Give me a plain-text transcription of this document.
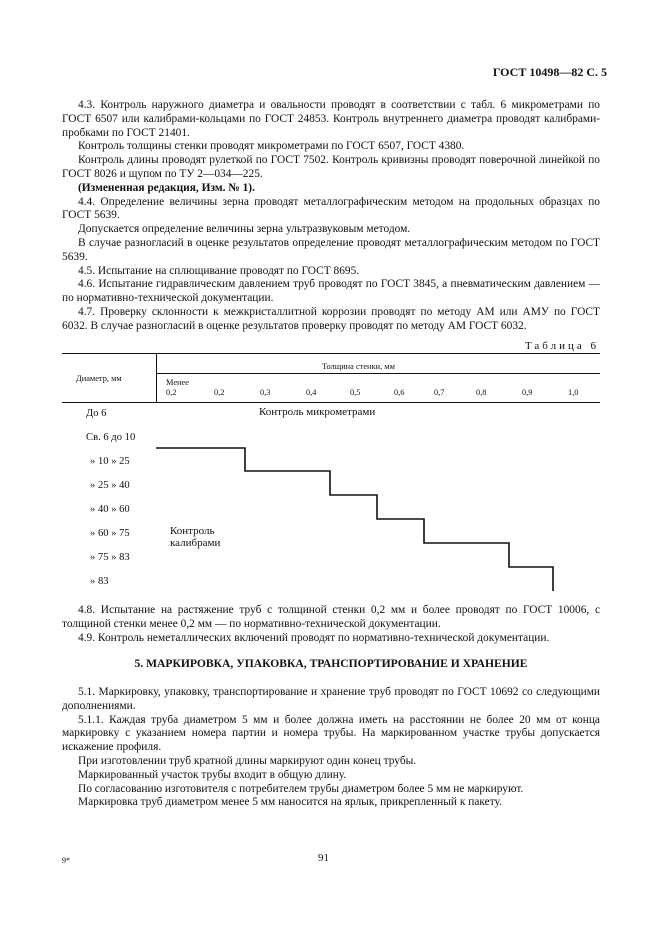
ГОСТ 10498—82 С. 5

4.3. Контроль наружного диаметра и овальности проводят в соответствии с табл. 6 микрометрами по ГОСТ 6507 или калибрами-кольцами по ГОСТ 24853. Контроль внутреннего диаметра проводят калибрами-пробками по ГОСТ 21401.

Контроль толщины стенки проводят микрометрами по ГОСТ 6507, ГОСТ 4380.

Контроль длины проводят рулеткой по ГОСТ 7502. Контроль кривизны проводят поверочной линейкой по ГОСТ 8026 и щупом по ТУ 2—034—225.

(Измененная редакция, Изм. № 1).

4.4. Определение величины зерна проводят металлографическим методом на продольных образцах по ГОСТ 5639.

Допускается определение величины зерна ультразвуковым методом.

В случае разногласий в оценке результатов определение проводят металлографическим методом по ГОСТ 5639.

4.5. Испытание на сплющивание проводят по ГОСТ 8695.

4.6. Испытание гидравлическим давлением труб проводят по ГОСТ 3845, а пневматическим давлением — по нормативно-технической документации.

4.7. Проверку склонности к межкристаллитной коррозии проводят по методу АМ или АМУ по ГОСТ 6032. В случае разногласий в оценке результатов проверку проводят по методу АМ ГОСТ 6032.

Таблица 6
Диаметр, мм
Толщина стенки, мм
Менее 0,2	0,2	0,3	0,4	0,5	0,6	0,7	0,8	0,9	1,0
До 6
Св. 6 до 10
» 10 » 25
» 25 » 40
» 40 » 60
» 60 » 75
» 75 » 83
» 83
Контроль микрометрами
Контроль калибрами

4.8. Испытание на растяжение труб с толщиной стенки 0,2 мм и более проводят по ГОСТ 10006, с толщиной стенки менее 0,2 мм — по нормативно-технической документации.

4.9. Контроль неметаллических включений проводят по нормативно-технической документации.

5. МАРКИРОВКА, УПАКОВКА, ТРАНСПОРТИРОВАНИЕ И ХРАНЕНИЕ

5.1. Маркировку, упаковку, транспортирование и хранение труб проводят по ГОСТ 10692 со следующими дополнениями.

5.1.1. Каждая труба диаметром 5 мм и более должна иметь на расстоянии не более 20 мм от конца маркировку с указанием номера партии и номера трубы. На маркированном участке трубы допускается искажение профиля.

При изготовлении труб кратной длины маркируют один конец трубы.

Маркированный участок трубы входит в общую длину.

По согласованию изготовителя с потребителем трубы диаметром более 5 мм не маркируют.

Маркировка труб диаметром менее 5 мм наносится на ярлык, прикрепленный к пакету.

9*	91
